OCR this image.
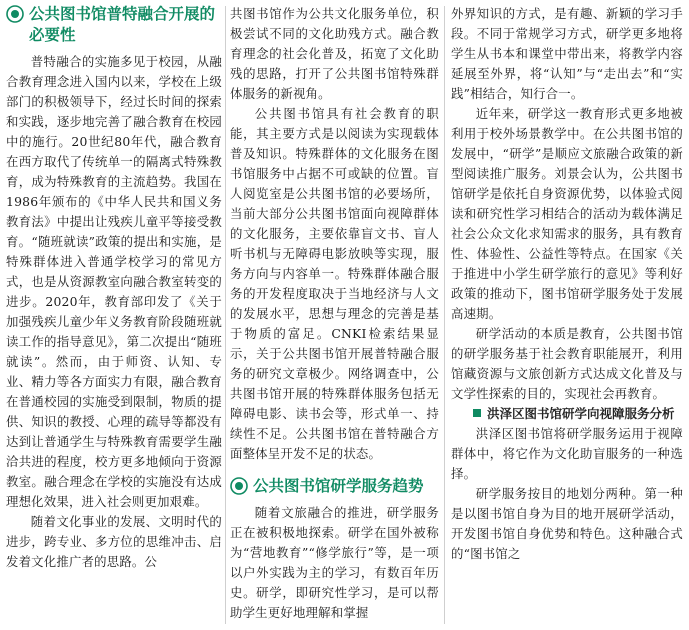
公共图书馆普特融合开展的必要性

普特融合的实施多见于校园，从融合教育理念进入国内以来，学校在上级部门的积极领导下，经过长时间的探索和实践，逐步地完善了融合教育在校园中的施行。20世纪80年代，融合教育在西方取代了传统单一的隔离式特殊教育，成为特殊教育的主流趋势。我国在1986年颁布的《中华人民共和国义务教育法》中提出让残疾儿童平等接受教育。“随班就读”政策的提出和实施，是特殊群体进入普通学校学习的常见方式，也是从资源教室向融合教室转变的进步。2020年，教育部印发了《关于加强残疾儿童少年义务教育阶段随班就读工作的指导意见》，第二次提出“随班就读”。然而，由于师资、认知、专业、精力等各方面实力有限，融合教育在普通校园的实施受到限制，物质的提供、知识的教授、心理的疏导等都没有达到让普通学生与特殊教育需要学生融洽共进的程度，校方更多地倾向于资源教室。融合理念在学校的实施没有达成理想化效果，进入社会则更加艰难。

随着文化事业的发展、文明时代的进步，跨专业、多方位的思维冲击、启发着文化推广者的思路。公

共图书馆作为公共文化服务单位，积极尝试不同的文化助残方式。融合教育理念的社会化普及，拓宽了文化助残的思路，打开了公共图书馆特殊群体服务的新视角。

公共图书馆具有社会教育的职能，其主要方式是以阅读为实现载体普及知识。特殊群体的文化服务在图书馆服务中占据不可或缺的位置。盲人阅览室是公共图书馆的必要场所，当前大部分公共图书馆面向视障群体的文化服务，主要依靠盲文书、盲人听书机与无障碍电影放映等实现，服务方向与内容单一。特殊群体融合服务的开发程度取决于当地经济与人文的发展水平，思想与理念的完善是基于物质的富足。CNKI检索结果显示，关于公共图书馆开展普特融合服务的研究文章极少。网络调查中，公共图书馆开展的特殊群体服务包括无障碍电影、读书会等，形式单一、持续性不足。公共图书馆在普特融合方面整体呈开发不足的状态。

公共图书馆研学服务趋势

随着文旅融合的推进，研学服务正在被积极地探索。研学在国外被称为“营地教育”“修学旅行”等，是一项以户外实践为主的学习，有数百年历史。研学，即研究性学习，是可以帮助学生更好地理解和掌握

外界知识的方式，是有趣、新颖的学习手段。不同于常规学习方式，研学更多地将学生从书本和课堂中带出来，将教学内容延展至外界，将“认知”与“走出去”和“实践”相结合，知行合一。

近年来，研学这一教育形式更多地被利用于校外场景教学中。在公共图书馆的发展中，“研学”是顺应文旅融合政策的新型阅读推广服务。刘景会认为，公共图书馆研学是依托自身资源优势，以体验式阅读和研究性学习相结合的活动为载体满足社会公众文化求知需求的服务，具有教育性、体验性、公益性等特点。在国家《关于推进中小学生研学旅行的意见》等利好政策的推动下，图书馆研学服务处于发展高速期。

研学活动的本质是教育，公共图书馆的研学服务基于社会教育职能展开，利用馆藏资源与文旅创新方式达成文化普及与文学性探索的目的，实现社会再教育。

洪泽区图书馆研学向视障服务分析

洪泽区图书馆将研学服务运用于视障群体中，将它作为文化助盲服务的一种选择。

研学服务按目的地划分两种。第一种是以图书馆自身为目的地开展研学活动，开发图书馆自身优势和特色。这种融合式的“图书馆之
